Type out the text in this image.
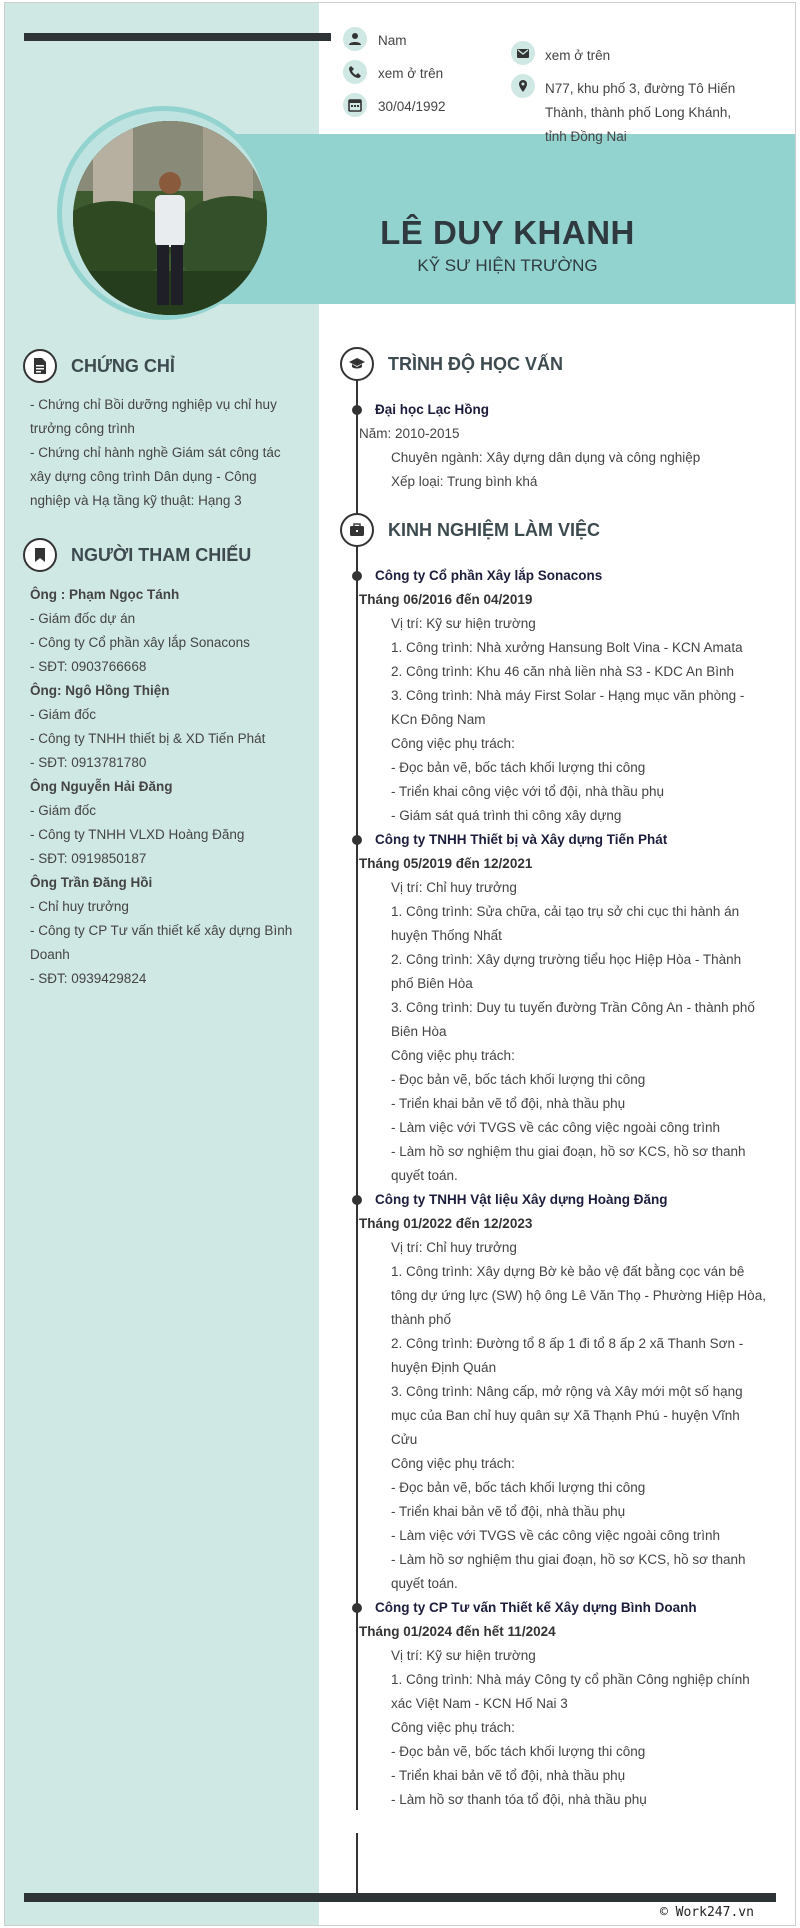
LÊ DUY KHANH
KỸ SƯ HIỆN TRƯỜNG
Nam
xem ở trên
30/04/1992
xem ở trên
N77, khu phố 3, đường Tô Hiến
Thành, thành phố Long Khánh,
tỉnh Đồng Nai
CHỨNG CHỈ
- Chứng chỉ Bồi dưỡng nghiệp vụ chỉ huy
trưởng công trình
- Chứng chỉ hành nghề Giám sát công tác
xây dựng công trình Dân dụng - Công
nghiệp và Hạ tầng kỹ thuật: Hạng 3
NGƯỜI THAM CHIẾU
Ông : Phạm Ngọc Tánh
- Giám đốc dự án
- Công ty Cổ phần xây lắp Sonacons
- SĐT: 0903766668
Ông: Ngô Hồng Thiện
- Giám đốc
- Công ty TNHH thiết bị & XD Tiến Phát
- SĐT: 0913781780
Ông Nguyễn Hải Đăng
- Giám đốc
- Công ty TNHH VLXD Hoàng Đăng
- SĐT: 0919850187
Ông Trần Đăng Hồi
- Chỉ huy trưởng
- Công ty CP Tư vấn thiết kế xây dựng Bình
Doanh
- SĐT: 0939429824
TRÌNH ĐỘ HỌC VẤN
Đại học Lạc Hồng
Năm: 2010-2015
Chuyên ngành: Xây dựng dân dụng và công nghiệp
Xếp loại: Trung bình khá
KINH NGHIỆM LÀM VIỆC
Công ty Cổ phần Xây lắp Sonacons
Tháng 06/2016 đến 04/2019
Vị trí: Kỹ sư hiện trường
1. Công trình: Nhà xưởng Hansung Bolt Vina - KCN Amata
2. Công trình: Khu 46 căn nhà liền nhà S3 - KDC An Bình
3. Công trình: Nhà máy First Solar - Hạng mục văn phòng -
KCn Đông Nam
Công việc phụ trách:
- Đọc bản vẽ, bốc tách khối lượng thi công
- Triển khai công việc với tổ đội, nhà thầu phụ
- Giám sát quá trình thi công xây dựng
Công ty TNHH Thiết bị và Xây dựng Tiến Phát
Tháng 05/2019 đến 12/2021
Vị trí: Chỉ huy trưởng
1. Công trình: Sửa chữa, cải tạo trụ sở chi cục thi hành án
huyện Thống Nhất
2. Công trình: Xây dựng trường tiểu học Hiệp Hòa - Thành
phố Biên Hòa
3. Công trình: Duy tu tuyến đường Trần Công An - thành phố
Biên Hòa
Công việc phụ trách:
- Đọc bản vẽ, bốc tách khối lượng thi công
- Triển khai bản vẽ tổ đội, nhà thầu phụ
- Làm việc với TVGS về các công việc ngoài công trình
- Làm hồ sơ nghiệm thu giai đoạn, hồ sơ KCS, hồ sơ thanh
quyết toán.
Công ty TNHH Vật liệu Xây dựng Hoàng Đăng
Tháng 01/2022 đến 12/2023
Vị trí: Chỉ huy trưởng
1. Công trình: Xây dựng Bờ kè bảo vệ đất bằng cọc ván bê
tông dự ứng lực (SW) hộ ông Lê Văn Thọ - Phường Hiệp Hòa,
thành phố
2. Công trình: Đường tổ 8 ấp 1 đi tổ 8 ấp 2 xã Thanh Sơn -
huyện Định Quán
3. Công trình: Nâng cấp, mở rộng và Xây mới một số hạng
mục của Ban chỉ huy quân sự Xã Thạnh Phú - huyện Vĩnh
Cửu
Công việc phụ trách:
- Đọc bản vẽ, bốc tách khối lượng thi công
- Triển khai bản vẽ tổ đội, nhà thầu phụ
- Làm việc với TVGS về các công việc ngoài công trình
- Làm hồ sơ nghiệm thu giai đoạn, hồ sơ KCS, hồ sơ thanh
quyết toán.
Công ty CP Tư vấn Thiết kế Xây dựng Bình Doanh
Tháng 01/2024 đến hết 11/2024
Vị trí: Kỹ sư hiện trường
1. Công trình: Nhà máy Công ty cổ phần Công nghiệp chính
xác Việt Nam - KCN Hố Nai 3
Công việc phụ trách:
- Đọc bản vẽ, bốc tách khối lượng thi công
- Triển khai bản vẽ tổ đội, nhà thầu phụ
- Làm hồ sơ thanh tóa tổ đội, nhà thầu phụ
© Work247.vn
